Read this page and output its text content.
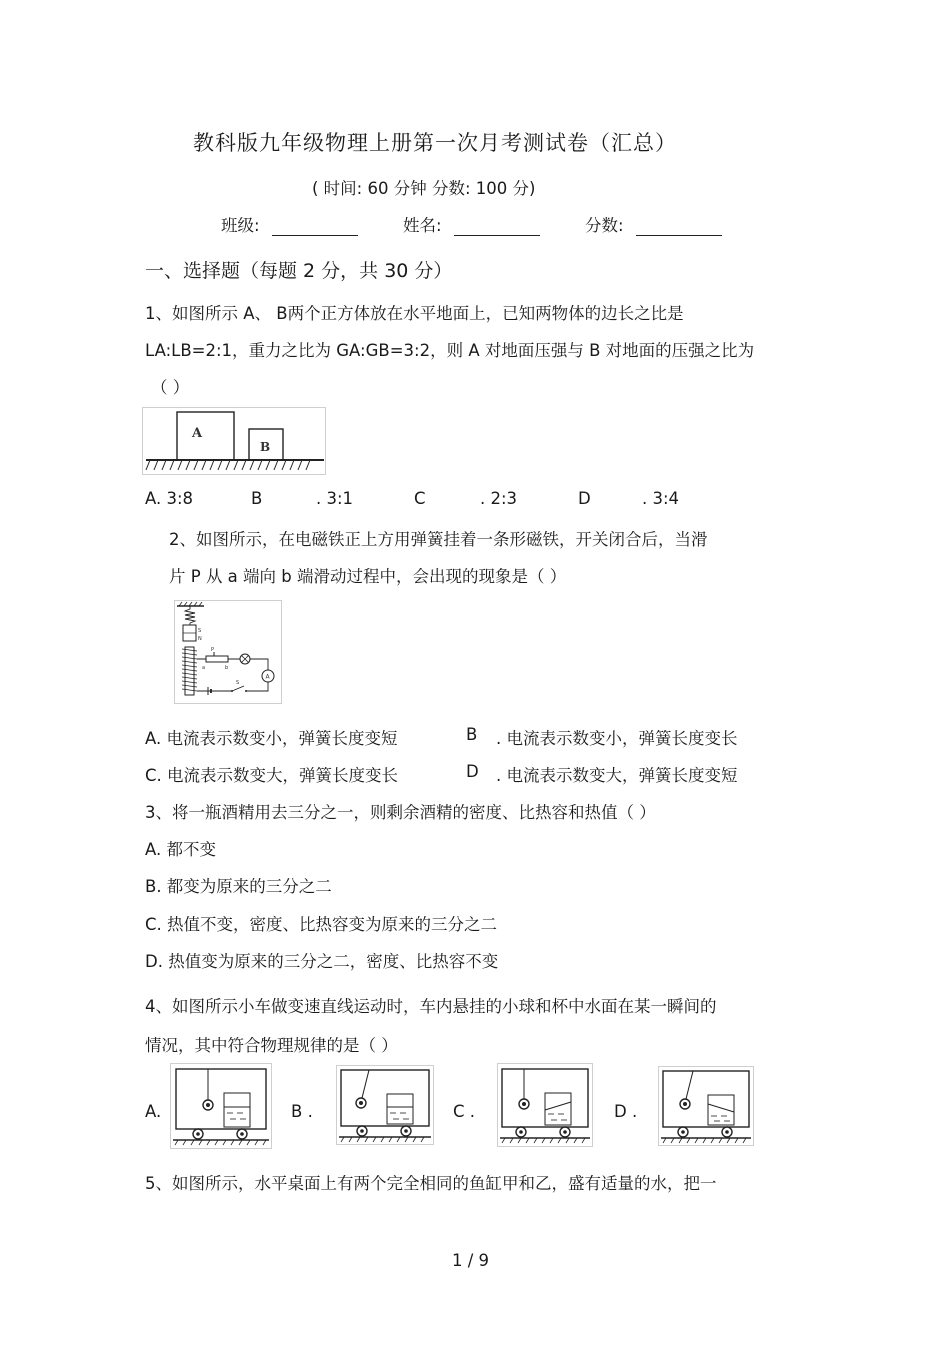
教科版九年级物理上册第一次月考测试卷（汇总）
( 时间: 60 分钟 分数: 100 分)
班级:	姓名:	分数:
一、选择题（每题 2 分，共 30 分）
1、如图所示 A、 B两个正方体放在水平地面上，已知两物体的边长之比是
LA:LB=2:1，重力之比为 GA:GB=3:2，则 A 对地面压强与 B 对地面的压强之比为
（ ）
A
B
A. 3:8	B	. 3:1	C	. 2:3	D	. 3:4
2、如图所示，在电磁铁正上方用弹簧挂着一条形磁铁，开关闭合后，当滑
片 P 从 a 端向 b 端滑动过程中，会出现的现象是（ ）
S
N
P
a	b
A
S
A. 电流表示数变小，弹簧长度变短	B . 电流表示数变小，弹簧长度变长
C. 电流表示数变大，弹簧长度变长	D . 电流表示数变大，弹簧长度变短
3、将一瓶酒精用去三分之一，则剩余酒精的密度、比热容和热值（ ）
A. 都不变
B. 都变为原来的三分之二
C. 热值不变，密度、比热容变为原来的三分之二
D. 热值变为原来的三分之二，密度、比热容不变
4、如图所示小车做变速直线运动时，车内悬挂的小球和杯中水面在某一瞬间的
情况，其中符合物理规律的是（ ）
A.	B .	C .	D .
5、如图所示，水平桌面上有两个完全相同的鱼缸甲和乙，盛有适量的水，把一
1 / 9
